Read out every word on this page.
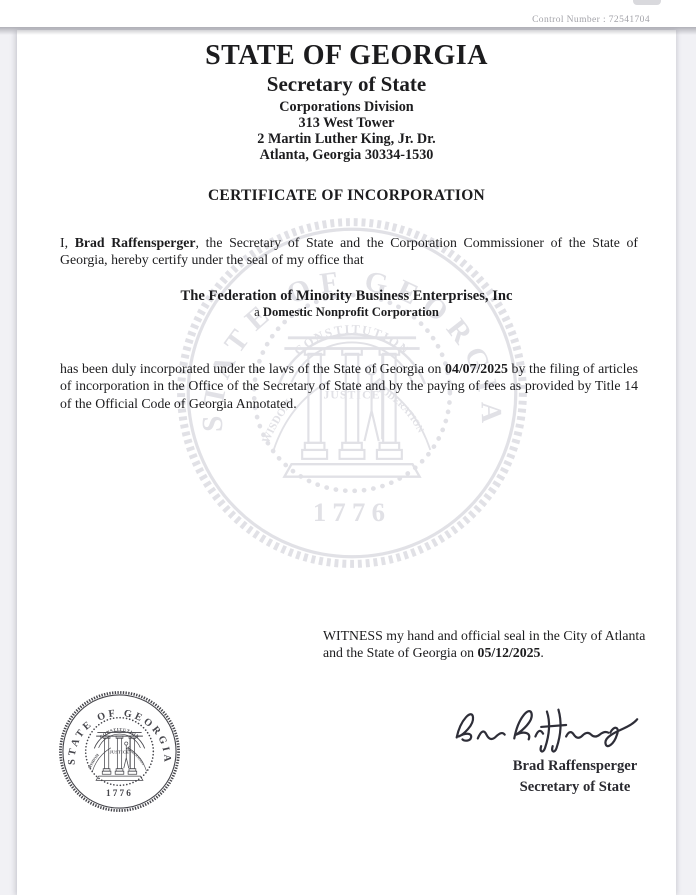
Control Number : 72541704
STATE OF GEORGIA
Secretary of State
Corporations Division
313 West Tower
2 Martin Luther King, Jr. Dr.
Atlanta, Georgia 30334-1530
CERTIFICATE OF INCORPORATION

I, Brad Raffensperger, the Secretary of State and the Corporation Commissioner of the State of Georgia, hereby certify under the seal of my office that

The Federation of Minority Business Enterprises, Inc
a Domestic Nonprofit Corporation

has been duly incorporated under the laws of the State of Georgia on 04/07/2025 by the filing of articles of incorporation in the Office of the Secretary of State and by the paying of fees as provided by Title 14 of the Official Code of Georgia Annotated.

WITNESS my hand and official seal in the City of Atlanta and the State of Georgia on 05/12/2025.

Brad Raffensperger
Secretary of State
